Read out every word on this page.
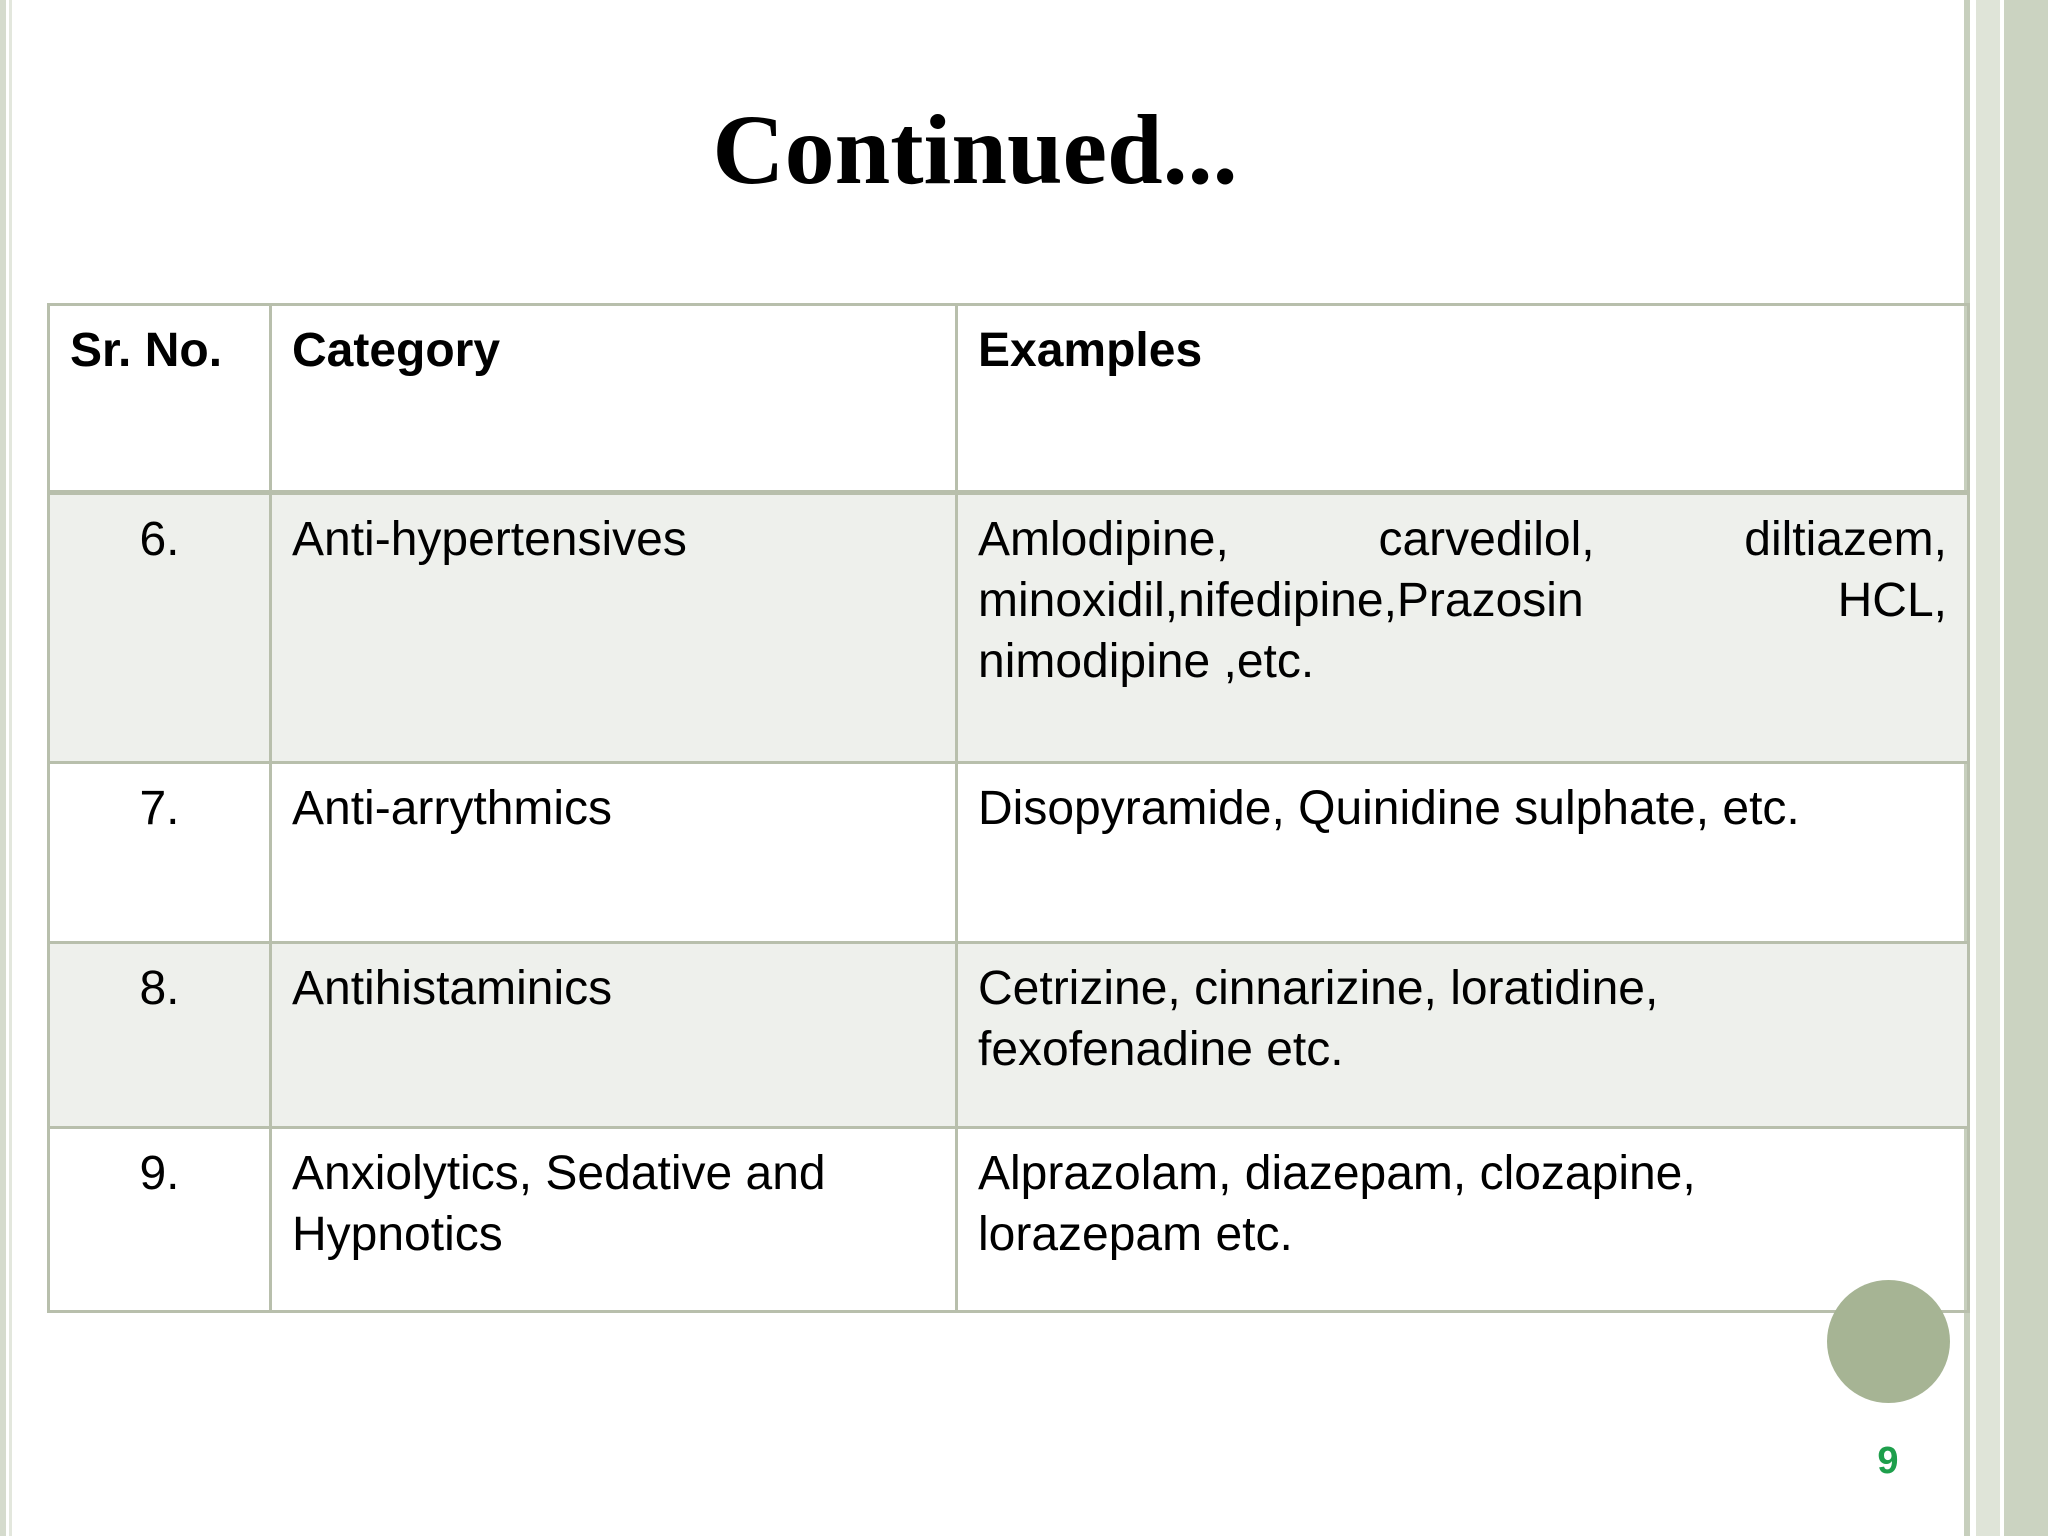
Continued...
Sr. No.	Category	Examples
6.	Anti-hypertensives	Amlodipine, carvedilol, diltiazem, minoxidil,nifedipine,Prazosin HCL, nimodipine ,etc.
7.	Anti-arrythmics	Disopyramide, Quinidine sulphate, etc.
8.	Antihistaminics	Cetrizine, cinnarizine, loratidine, fexofenadine etc.
9.	Anxiolytics, Sedative and Hypnotics	Alprazolam, diazepam, clozapine, lorazepam etc.
9
